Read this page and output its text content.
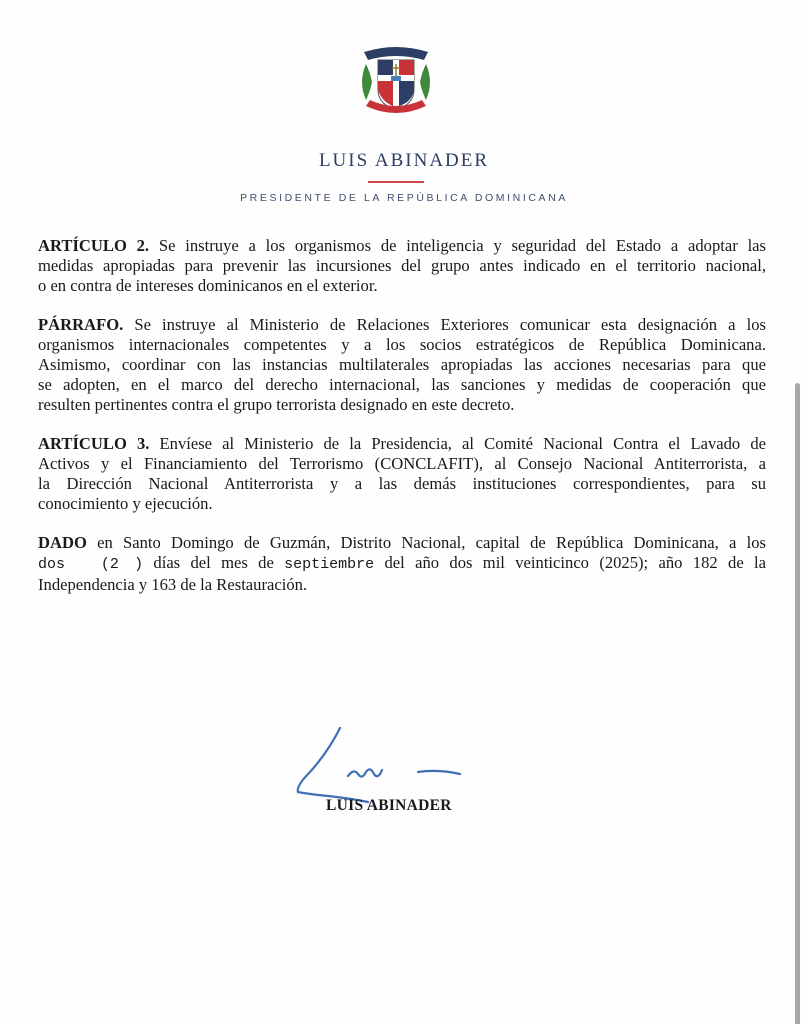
LUIS ABINADER
PRESIDENTE DE LA REPÚBLICA DOMINICANA

ARTÍCULO 2. Se instruye a los organismos de inteligencia y seguridad del Estado a adoptar las
medidas apropiadas para prevenir las incursiones del grupo antes indicado en el territorio nacional,
o en contra de intereses dominicanos en el exterior.

PÁRRAFO. Se instruye al Ministerio de Relaciones Exteriores comunicar esta designación a los
organismos internacionales competentes y a los socios estratégicos de República Dominicana.
Asimismo, coordinar con las instancias multilaterales apropiadas las acciones necesarias para que
se adopten, en el marco del derecho internacional, las sanciones y medidas de cooperación que
resulten pertinentes contra el grupo terrorista designado en este decreto.

ARTÍCULO 3. Envíese al Ministerio de la Presidencia, al Comité Nacional Contra el Lavado de
Activos y el Financiamiento del Terrorismo (CONCLAFIT), al Consejo Nacional Antiterrorista, a
la Dirección Nacional Antiterrorista y a las demás instituciones correspondientes, para su
conocimiento y ejecución.

DADO en Santo Domingo de Guzmán, Distrito Nacional, capital de República Dominicana, a los
dos   (2 ) días del mes de septiembre del año dos mil veinticinco (2025); año 182 de la
Independencia y 163 de la Restauración.

LUIS ABINADER
